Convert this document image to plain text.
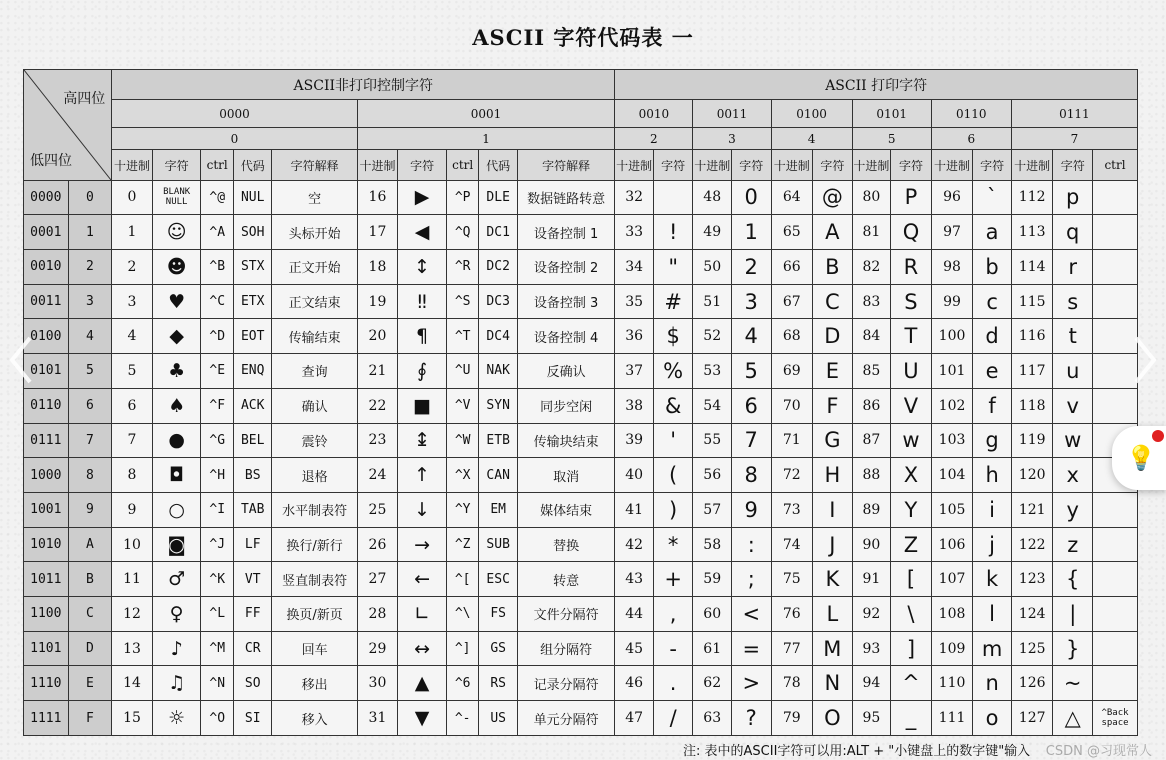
ASCII 字符代码表 一
高四位
低四位		ASCII非打印控制字符										ASCII 打印字符												
		0000					0001					0010		0011		0100		0101		0110		0111		
		0					1					2		3		4		5		6		7		
		十进制	字符	ctrl	代码	字符解释	十进制	字符	ctrl	代码	字符解释	十进制	字符	十进制	字符	十进制	字符	十进制	字符	十进制	字符	十进制	字符	ctrl
0000	0	0	BLANK NULL	^@	NUL	空	16	▶	^P	DLE	数据链路转意	32		48	0	64	@	80	P	96	`	112	p	
0001	1	1	☺	^A	SOH	头标开始	17	◀	^Q	DC1	设备控制 1	33	!	49	1	65	A	81	Q	97	a	113	q	
0010	2	2	☻	^B	STX	正文开始	18	↕	^R	DC2	设备控制 2	34	"	50	2	66	B	82	R	98	b	114	r	
0011	3	3	♥	^C	ETX	正文结束	19	‼	^S	DC3	设备控制 3	35	#	51	3	67	C	83	S	99	c	115	s	
0100	4	4	◆	^D	EOT	传输结束	20	¶	^T	DC4	设备控制 4	36	$	52	4	68	D	84	T	100	d	116	t	
0101	5	5	♣	^E	ENQ	查询	21	∮	^U	NAK	反确认	37	%	53	5	69	E	85	U	101	e	117	u	
0110	6	6	♠	^F	ACK	确认	22	■	^V	SYN	同步空闲	38	&	54	6	70	F	86	V	102	f	118	v	
0111	7	7	●	^G	BEL	震铃	23	↨	^W	ETB	传输块结束	39	'	55	7	71	G	87	w	103	g	119	w	
1000	8	8	◘	^H	BS	退格	24	↑	^X	CAN	取消	40	(	56	8	72	H	88	X	104	h	120	x	
1001	9	9	○	^I	TAB	水平制表符	25	↓	^Y	EM	媒体结束	41	)	57	9	73	I	89	Y	105	i	121	y	
1010	A	10	◙	^J	LF	换行/新行	26	→	^Z	SUB	替换	42	*	58	:	74	J	90	Z	106	j	122	z	
1011	B	11	♂	^K	VT	竖直制表符	27	←	^[	ESC	转意	43	+	59	;	75	K	91	[	107	k	123	{	
1100	C	12	♀	^L	FF	换页/新页	28	∟	^\	FS	文件分隔符	44	,	60	<	76	L	92	\	108	l	124	|	
1101	D	13	♪	^M	CR	回车	29	↔	^]	GS	组分隔符	45	-	61	=	77	M	93	]	109	m	125	}	
1110	E	14	♫	^N	SO	移出	30	▲	^6	RS	记录分隔符	46	.	62	>	78	N	94	^	110	n	126	~	
1111	F	15	☼	^O	SI	移入	31	▼	^-	US	单元分隔符	47	/	63	?	79	O	95	_	111	o	127	△	^Back space
注: 表中的ASCII字符可以用:ALT + "小键盘上的数字键"输入 CSDN @习现常人
💡
